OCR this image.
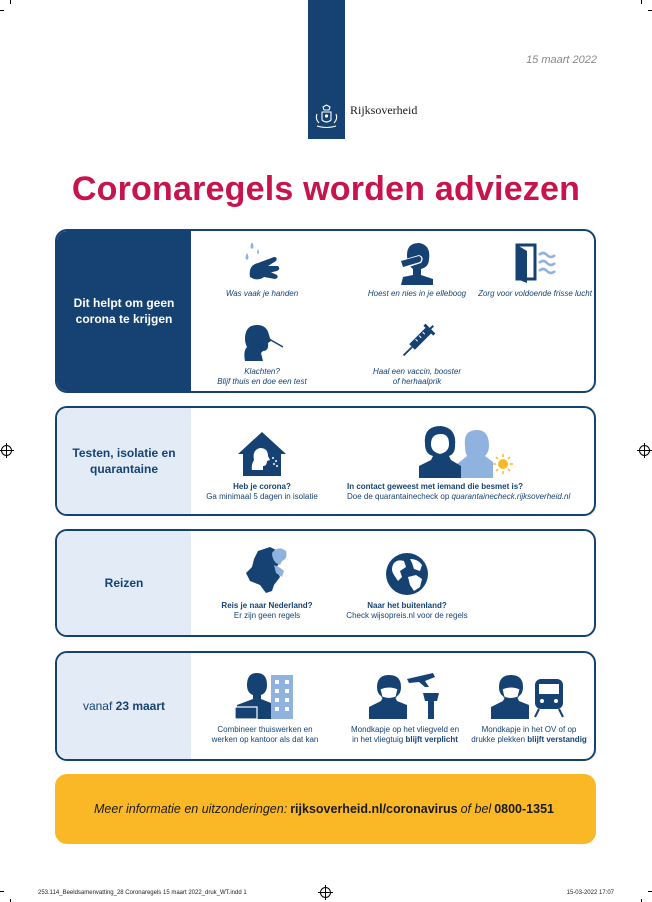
Rijksoverheid
15 maart 2022
Coronaregels worden adviezen
Dit helpt om geen corona te krijgen
Was vaak je handen	Hoest en nies in je elleboog	Zorg voor voldoende frisse lucht
Klachten?
Blijf thuis en doe een test
Haal een vaccin, booster
of herhaalprik
Testen, isolatie en quarantaine
Heb je corona?
Ga minimaal 5 dagen in isolatie
In contact geweest met iemand die besmet is?
Doe de quarantainecheck op quarantainecheck.rijksoverheid.nl
Reizen
Reis je naar Nederland?
Er zijn geen regels
Naar het buitenland?
Check wijsopreis.nl voor de regels
vanaf 23 maart
Combineer thuiswerken en
werken op kantoor als dat kan
Mondkapje op het vliegveld en
in het vliegtuig blijft verplicht
Mondkapje in het OV of op
drukke plekken blijft verstandig
Meer informatie en uitzonderingen: rijksoverheid.nl/coronavirus of bel 0800-1351
253.114_Beeldsamenvatting_28 Coronaregels 15 maart 2022_druk_WT.indd 1	15-03-2022 17:07
